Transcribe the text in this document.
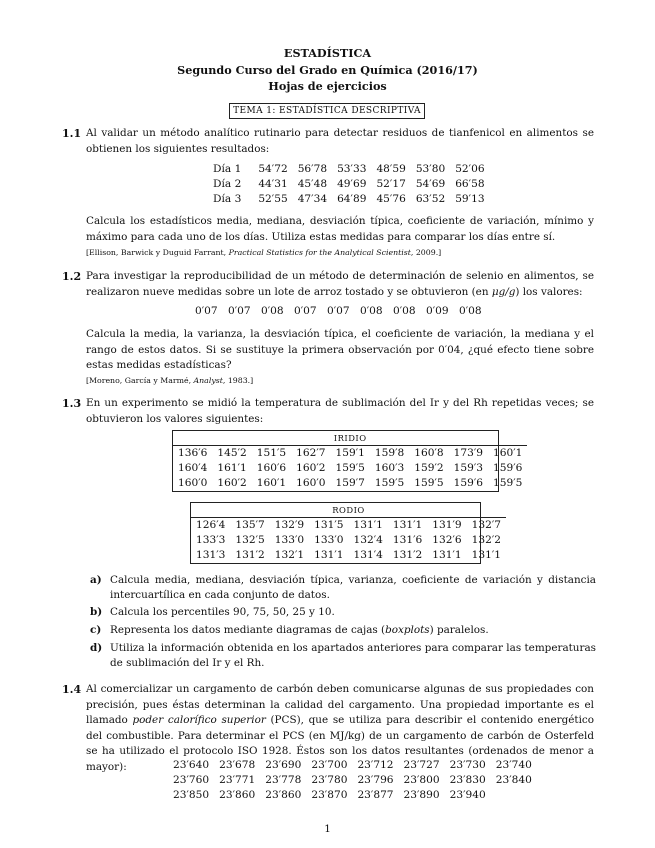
ESTADÍSTICA
Segundo Curso del Grado en Química (2016/17)
Hojas de ejercicios
TEMA 1: ESTADÍSTICA DESCRIPTIVA
1.1 Al validar un método analítico rutinario para detectar residuos de tianfenicol en alimentos se obtienen los siguientes resultados:
Día 1	54′72	56′78	53′33	48′59	53′80	52′06
Día 2	44′31	45′48	49′69	52′17	54′69	66′58
Día 3	52′55	47′34	64′89	45′76	63′52	59′13
Calcula los estadísticos media, mediana, desviación típica, coeficiente de variación, mínimo y máximo para cada uno de los días. Utiliza estas medidas para comparar los días entre sí.
[Ellison, Barwick y Duguid Farrant, Practical Statistics for the Analytical Scientist, 2009.]
1.2 Para investigar la reproducibilidad de un método de determinación de selenio en alimentos, se realizaron nueve medidas sobre un lote de arroz tostado y se obtuvieron (en μg/g) los valores:
0′07 0′07 0′08 0′07 0′07 0′08 0′08 0′09 0′08
Calcula la media, la varianza, la desviación típica, el coeficiente de variación, la mediana y el rango de estos datos. Si se sustituye la primera observación por 0′04, ¿qué efecto tiene sobre estas medidas estadísticas?
[Moreno, García y Marmé, Analyst, 1983.]
1.3 En un experimento se midió la temperatura de sublimación del Ir y del Rh repetidas veces; se obtuvieron los valores siguientes:
IRIDIO								
136′6	145′2	151′5	162′7	159′1	159′8	160′8	173′9	160′1
160′4	161′1	160′6	160′2	159′5	160′3	159′2	159′3	159′6
160′0	160′2	160′1	160′0	159′7	159′5	159′5	159′6	159′5
RODIO							
126′4	135′7	132′9	131′5	131′1	131′1	131′9	132′7
133′3	132′5	133′0	133′0	132′4	131′6	132′6	132′2
131′3	131′2	132′1	131′1	131′4	131′2	131′1	131′1
a) Calcula media, mediana, desviación típica, varianza, coeficiente de variación y distancia intercuartílica en cada conjunto de datos.
b) Calcula los percentiles 90, 75, 50, 25 y 10.
c) Representa los datos mediante diagramas de cajas (boxplots) paralelos.
d) Utiliza la información obtenida en los apartados anteriores para comparar las temperaturas de sublimación del Ir y el Rh.
1.4 Al comercializar un cargamento de carbón deben comunicarse algunas de sus propiedades con precisión, pues éstas determinan la calidad del cargamento. Una propiedad importante es el llamado poder calorífico superior (PCS), que se utiliza para describir el contenido energético del combustible. Para determinar el PCS (en MJ/kg) de un cargamento de carbón de Osterfeld se ha utilizado el protocolo ISO 1928. Éstos son los datos resultantes (ordenados de menor a mayor):	23′640	23′678	23′690	23′700	23′712	23′727	23′730	23′740
23′760	23′771	23′778	23′780	23′796	23′800	23′830	23′840
23′850	23′860	23′860	23′870	23′877	23′890	23′940	
1
